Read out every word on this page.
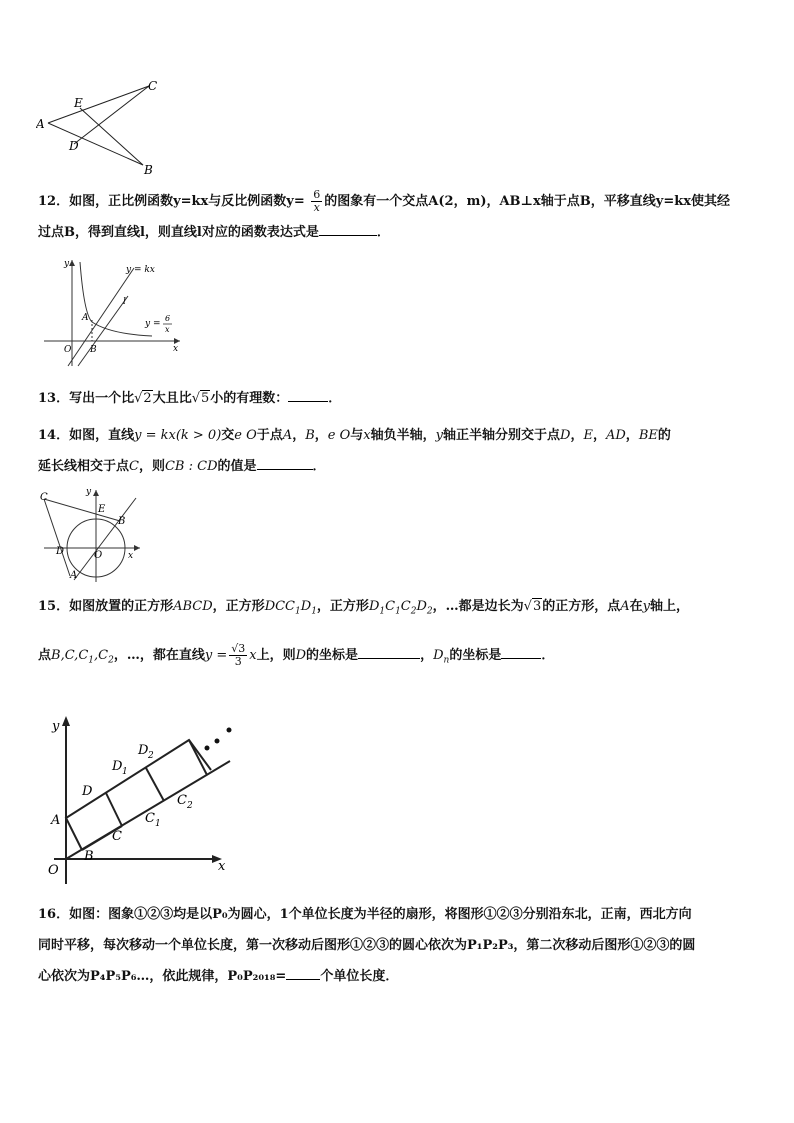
A
B
C
D
E
12．如图，正比例函数y=kx与反比例函数$y= \frac{6}{x}$ 的图象有一个交点A(2，m)，AB⊥x轴于点B，平移直线y=kx使其经
过点B，得到直线l，则直线l对应的函数表达式是	．
y
y = kx
l
A
y =
6
x
O B	x
13．写出一个比√2大且比√5小的有理数：	．
14．如图，直线y = kx(k > 0)交e O于点A，B，e O与x轴负半轴，y轴正半轴分别交于点D，E，AD，BE的
延长线相交于点C，则CB : CD的值是	．
C	y
E
B
D	O	x
A
15．如图放置的正方形ABCD，正方形$DCC_1D_1$，正方形$D_1C_1C_2D_2$，…都是边长为√3的正方形，点A在y轴上，
点$B,C,C_1,C_2$，…，都在直线$y = \frac{√3}{3}$ x上，则D的坐标是	，$D_n$的坐标是	．
y
D
D 1
D 2
A
C
C 1
C 2
O
B
x
16．如图：图象①②③均是以P₀为圆心，1个单位长度为半径的扇形，将图形①②③分别沿东北，正南，西北方向
同时平移，每次移动一个单位长度，第一次移动后图形①②③的圆心依次为P₁P₂P₃，第二次移动后图形①②③的圆
心依次为P₄P₅P₆…，依此规律，P₀P₂₀₁₈=	个单位长度．
